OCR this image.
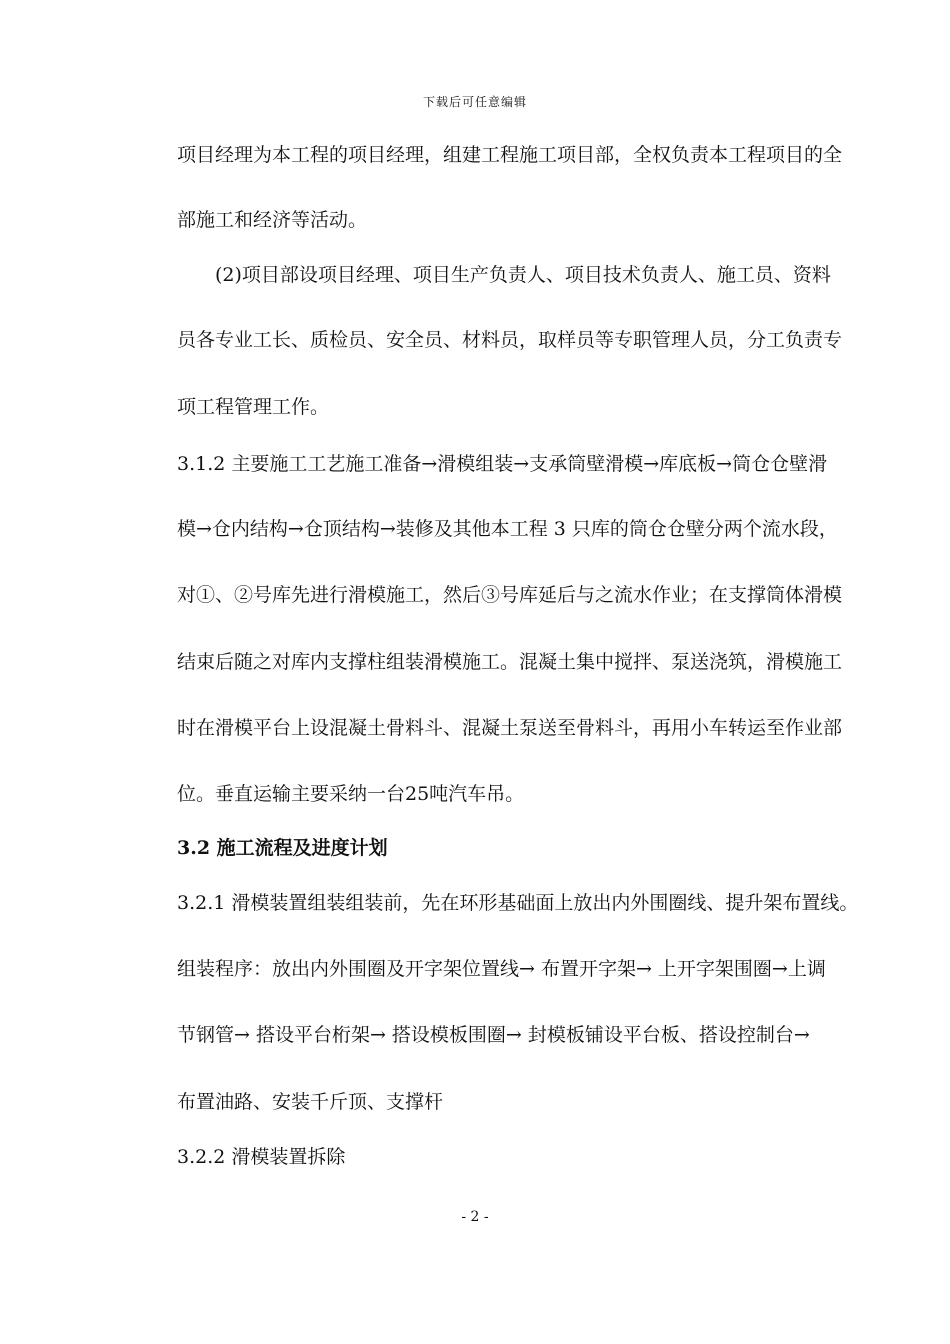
下载后可任意编辑
项目经理为本工程的项目经理，组建工程施工项目部，全权负责本工程项目的全
部施工和经济等活动。
(2)项目部设项目经理、项目生产负责人、项目技术负责人、施工员、资料
员各专业工长、质检员、安全员、材料员，取样员等专职管理人员，分工负责专
项工程管理工作。
3.1.2 主要施工工艺施工准备→滑模组装→支承筒壁滑模→库底板→筒仓仓壁滑
模→仓内结构→仓顶结构→装修及其他本工程 3 只库的筒仓仓壁分两个流水段，
对①、②号库先进行滑模施工，然后③号库延后与之流水作业；在支撑筒体滑模
结束后随之对库内支撑柱组装滑模施工。混凝土集中搅拌、泵送浇筑，滑模施工
时在滑模平台上设混凝土骨料斗、混凝土泵送至骨料斗，再用小车转运至作业部
位。垂直运输主要采纳一台25吨汽车吊。
3.2 施工流程及进度计划
3.2.1 滑模装置组装组装前，先在环形基础面上放出内外围圈线、提升架布置线。
组装程序：放出内外围圈及开字架位置线→ 布置开字架→ 上开字架围圈→上调
节钢管→ 搭设平台桁架→ 搭设模板围圈→ 封模板铺设平台板、搭设控制台→
布置油路、安装千斤顶、支撑杆
3.2.2 滑模装置拆除
- 2 -
